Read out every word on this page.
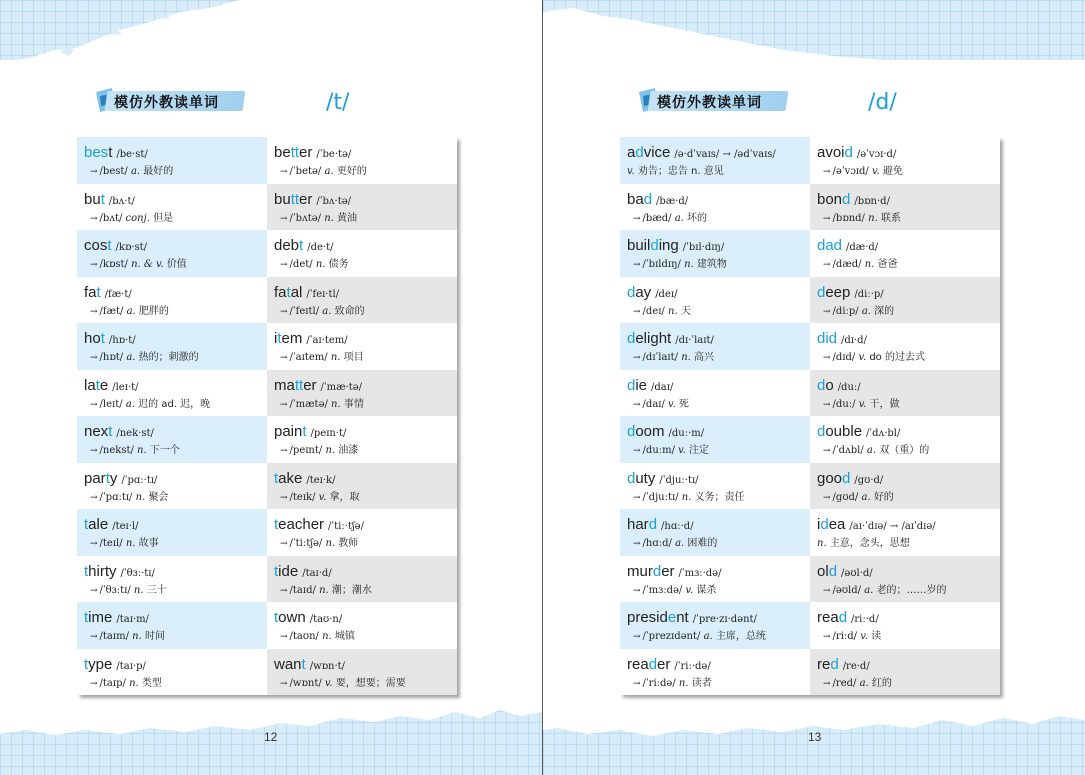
模仿外教读单词	/t/
best /be·st/
→ /best/ a. 最好的
better /ˈbe·tə/
→ /ˈbetə/ a. 更好的
but /bʌ·t/
→ /bʌt/ conj. 但是
butter /ˈbʌ·tə/
→ /ˈbʌtə/ n. 黄油
cost /kɒ·st/
→ /kɒst/ n. & v. 价值
debt /de·t/
→ /det/ n. 债务
fat /fæ·t/
→ /fæt/ a. 肥胖的
fatal /ˈfeɪ·tl/
→ /ˈfeɪtl/ a. 致命的
hot /hɒ·t/
→ /hɒt/ a. 热的；刺激的
item /ˈaɪ·tem/
→ /ˈaɪtem/ n. 项目
late /leɪ·t/
→ /leɪt/ a. 迟的 ad. 迟，晚
matter /ˈmæ·tə/
→ /ˈmætə/ n. 事情
next /nek·st/
→ /nekst/ n. 下一个
paint /peɪn·t/
→ /peɪnt/ n. 油漆
party /ˈpɑː·tɪ/
→ /ˈpɑːtɪ/ n. 聚会
take /teɪ·k/
→ /teɪk/ v. 拿，取
tale /teɪ·l/
→ /teɪl/ n. 故事
teacher /ˈtiː·tʃə/
→ /ˈtiːtʃə/ n. 教师
thirty /ˈθɜː·tɪ/
→ /ˈθɜːtɪ/ n. 三十
tide /taɪ·d/
→ /taɪd/ n. 潮；潮水
time /taɪ·m/
→ /taɪm/ n. 时间
town /taʊ·n/
→ /taʊn/ n. 城镇
type /taɪ·p/
→ /taɪp/ n. 类型
want /wɒn·t/
→ /wɒnt/ v. 要，想要；需要
12
模仿外教读单词	/d/
advice /ə·dˈvaɪs/ → /ədˈvaɪs/
v. 劝告；忠告 n. 意见
avoid /əˈvɔɪ·d/
→ /əˈvɔɪd/ v. 避免
bad /bæ·d/
→ /bæd/ a. 坏的
bond /bɒn·d/
→ /bɒnd/ n. 联系
building /ˈbɪl·dɪŋ/
→ /ˈbɪldɪŋ/ n. 建筑物
dad /dæ·d/
→ /dæd/ n. 爸爸
day /deɪ/
→ /deɪ/ n. 天
deep /diː·p/
→ /diːp/ a. 深的
delight /dɪ·ˈlaɪt/
→ /dɪˈlaɪt/ n. 高兴
did /dɪ·d/
→ /dɪd/ v. do 的过去式
die /daɪ/
→ /daɪ/ v. 死
do /duː/
→ /duː/ v. 干，做
doom /duː·m/
→ /duːm/ v. 注定
double /ˈdʌ·bl/
→ /ˈdʌbl/ a. 双（重）的
duty /ˈdjuː·tɪ/
→ /ˈdjuːtɪ/ n. 义务；责任
good /gʊ·d/
→ /gʊd/ a. 好的
hard /hɑː·d/
→ /hɑːd/ a. 困难的
idea /aɪ·ˈdɪə/ → /aɪˈdɪə/
n. 主意，念头，思想
murder /ˈmɜː·də/
→ /ˈmɜːdə/ v. 谋杀
old /əʊl·d/
→ /əʊld/ a. 老的；……岁的
president /ˈpre·zɪ·dənt/
→ /ˈprezɪdənt/ a. 主席，总统
read /riː·d/
→ /riːd/ v. 读
reader /ˈriː·də/
→ /ˈriːdə/ n. 读者
red /re·d/
→ /red/ a. 红的
13
